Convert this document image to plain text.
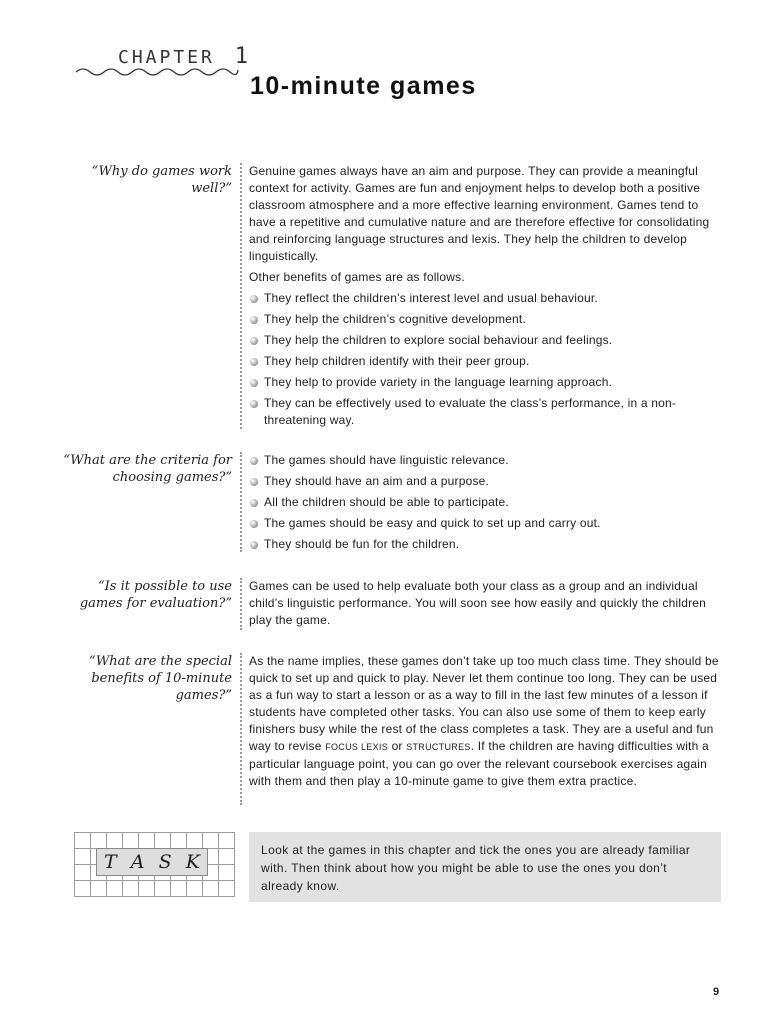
CHAPTER 1
10-minute games
“Why do games work well?”

Genuine games always have an aim and purpose. They can provide a meaningful context for activity. Games are fun and enjoyment helps to develop both a positive classroom atmosphere and a more effective learning environment. Games tend to have a repetitive and cumulative nature and are therefore effective for consolidating and reinforcing language structures and lexis. They help the children to develop linguistically.

Other benefits of games are as follows.

They reflect the children’s interest level and usual behaviour.
They help the children’s cognitive development.
They help the children to explore social behaviour and feelings.
They help children identify with their peer group.
They help to provide variety in the language learning approach.
They can be effectively used to evaluate the class’s performance, in a non-threatening way.
“What are the criteria for choosing games?”
The games should have linguistic relevance.
They should have an aim and a purpose.
All the children should be able to participate.
The games should be easy and quick to set up and carry out.
They should be fun for the children.
“Is it possible to use games for evaluation?”

Games can be used to help evaluate both your class as a group and an individual child’s linguistic performance. You will soon see how easily and quickly the children play the game.

“What are the special benefits of 10-minute games?”

As the name implies, these games don’t take up too much class time. They should be quick to set up and quick to play. Never let them continue too long. They can be used as a fun way to start a lesson or as a way to fill in the last few minutes of a lesson if students have completed other tasks. You can also use some of them to keep early finishers busy while the rest of the class completes a task. They are a useful and fun way to revise FOCUS LEXIS or STRUCTURES. If the children are having difficulties with a particular language point, you can go over the relevant coursebook exercises again with them and then play a 10-minute game to give them extra practice.

T A S K
Look at the games in this chapter and tick the ones you are already familiar with. Then think about how you might be able to use the ones you don’t already know.
9
